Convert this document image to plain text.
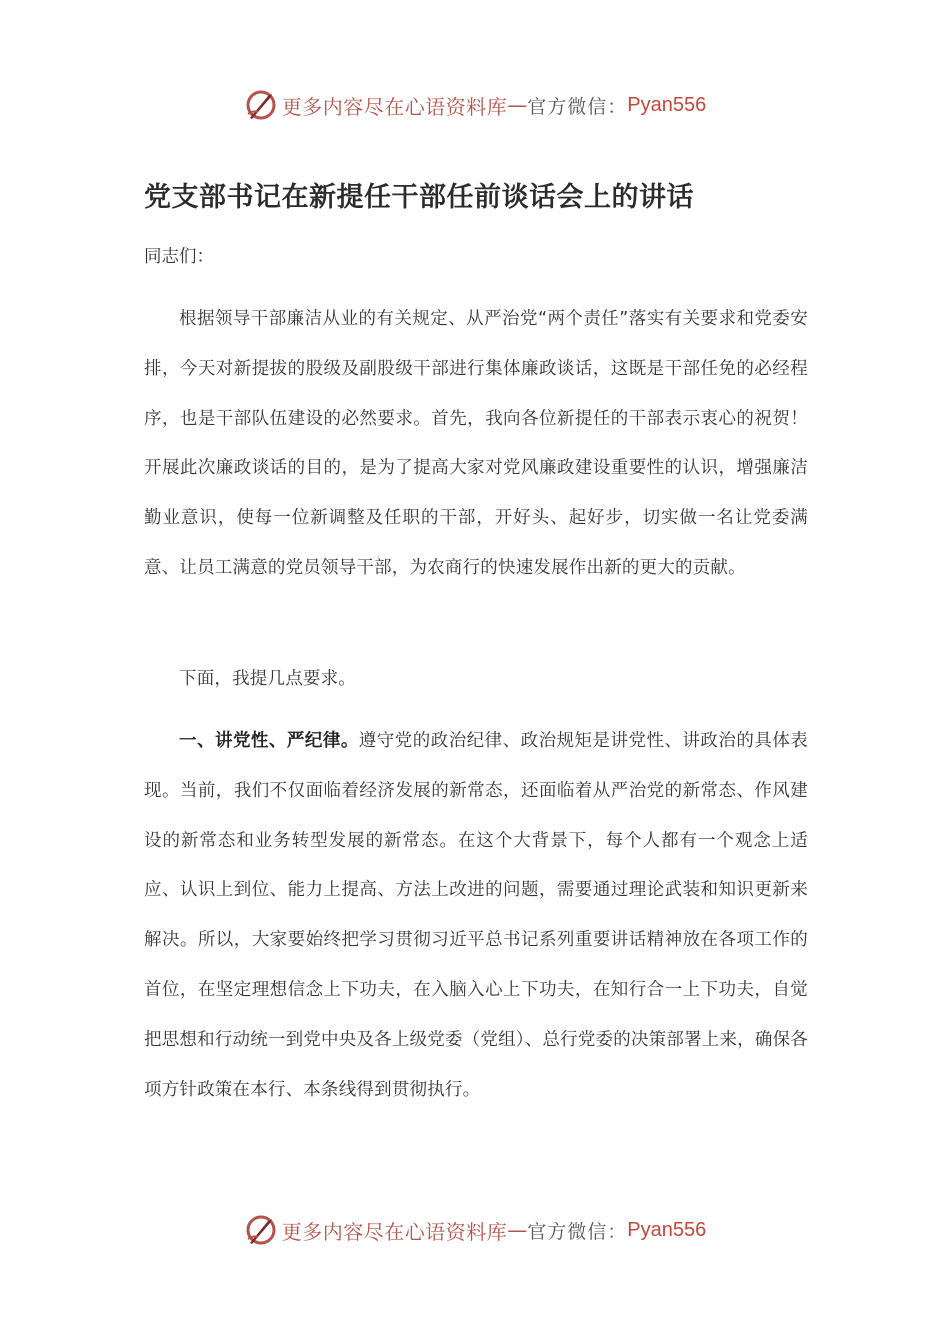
更多内容尽在心语资料库 — 官方微信： Pyan556
党支部书记在新提任干部任前谈话会上的讲话

同志们：

根据领导干部廉洁从业的有关规定、从严治党“两个责任”落实有关要求和党委安排，今天对新提拔的股级及副股级干部进行集体廉政谈话，这既是干部任免的必经程序，也是干部队伍建设的必然要求。首先，我向各位新提任的干部表示衷心的祝贺！开展此次廉政谈话的目的，是为了提高大家对党风廉政建设重要性的认识，增强廉洁勤业意识，使每一位新调整及任职的干部，开好头、起好步，切实做一名让党委满意、让员工满意的党员领导干部，为农商行的快速发展作出新的更大的贡献。

下面，我提几点要求。

一、讲党性、严纪律。遵守党的政治纪律、政治规矩是讲党性、讲政治的具体表现。当前，我们不仅面临着经济发展的新常态，还面临着从严治党的新常态、作风建设的新常态和业务转型发展的新常态。在这个大背景下，每个人都有一个观念上适应、认识上到位、能力上提高、方法上改进的问题，需要通过理论武装和知识更新来解决。所以，大家要始终把学习贯彻习近平总书记系列重要讲话精神放在各项工作的首位，在坚定理想信念上下功夫，在入脑入心上下功夫，在知行合一上下功夫，自觉把思想和行动统一到党中央及各上级党委（党组）、总行党委的决策部署上来，确保各项方针政策在本行、本条线得到贯彻执行。

更多内容尽在心语资料库 — 官方微信： Pyan556
